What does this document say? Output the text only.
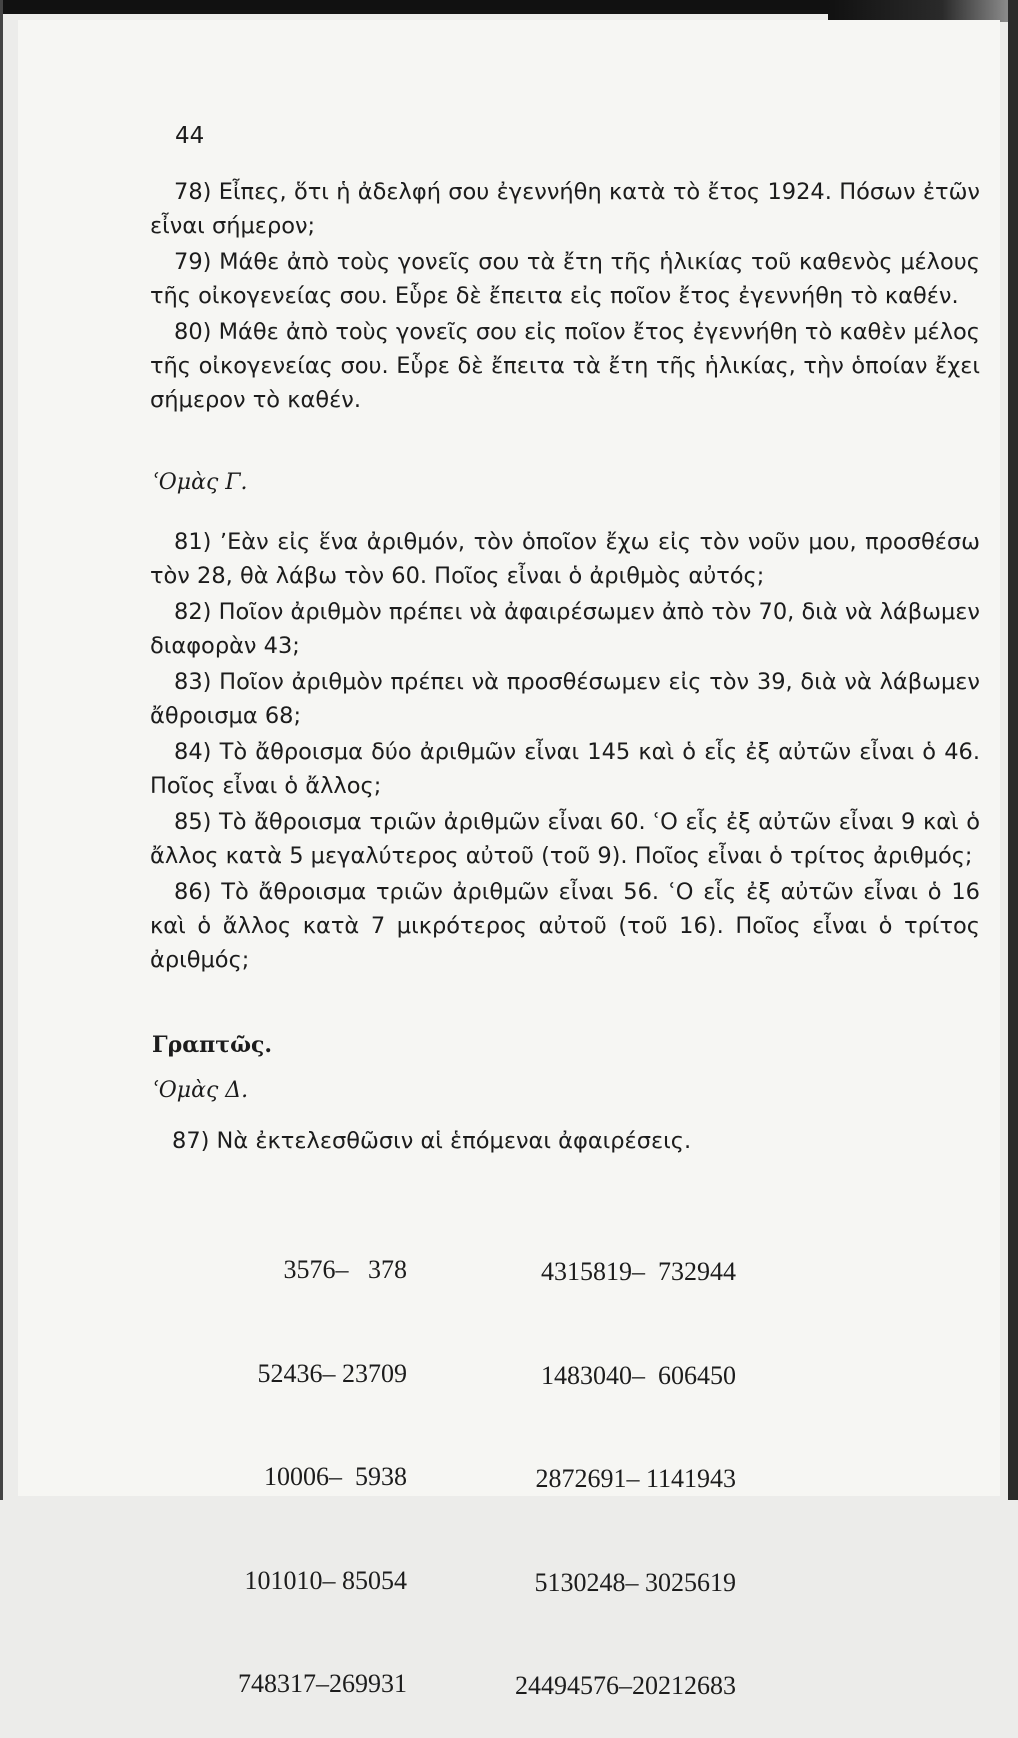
44

78) Εἶπες, ὅτι ἡ ἀδελφή σου ἐγεννήθη κατὰ τὸ ἔτος 1924. Πόσων ἐτῶν εἶναι σήμερον;

79) Μάθε ἀπὸ τοὺς γονεῖς σου τὰ ἔτη τῆς ἡλικίας τοῦ καθενὸς μέλους τῆς οἰκογενείας σου. Εὗρε δὲ ἔπειτα εἰς ποῖον ἔτος ἐγεννήθη τὸ καθέν.

80) Μάθε ἀπὸ τοὺς γονεῖς σου εἰς ποῖον ἔτος ἐγεννήθη τὸ καθὲν μέλος τῆς οἰκογενείας σου. Εὗρε δὲ ἔπειτα τὰ ἔτη τῆς ἡλικίας, τὴν ὁποίαν ἔχει σήμερον τὸ καθέν.

ʿΟμὰς Γ.

81) ʼΕὰν εἰς ἕνα ἀριθμόν, τὸν ὁποῖον ἔχω εἰς τὸν νοῦν μου, προσθέσω τὸν 28, θὰ λάβω τὸν 60. Ποῖος εἶναι ὁ ἀριθμὸς αὐτός;

82) Ποῖον ἀριθμὸν πρέπει νὰ ἀφαιρέσωμεν ἀπὸ τὸν 70, διὰ νὰ λάβωμεν διαφορὰν 43;

83) Ποῖον ἀριθμὸν πρέπει νὰ προσθέσωμεν εἰς τὸν 39, διὰ νὰ λάβωμεν ἄθροισμα 68;

84) Τὸ ἄθροισμα δύο ἀριθμῶν εἶναι 145 καὶ ὁ εἷς ἐξ αὐτῶν εἶναι ὁ 46. Ποῖος εἶναι ὁ ἄλλος;

85) Τὸ ἄθροισμα τριῶν ἀριθμῶν εἶναι 60. ʿΟ εἷς ἐξ αὐτῶν εἶναι 9 καὶ ὁ ἄλλος κατὰ 5 μεγαλύτερος αὐτοῦ (τοῦ 9). Ποῖος εἶναι ὁ τρίτος ἀριθμός;

86) Τὸ ἄθροισμα τριῶν ἀριθμῶν εἶναι 56. ʿΟ εἷς ἐξ αὐτῶν εἶναι ὁ 16 καὶ ὁ ἄλλος κατὰ 7 μικρότερος αὐτοῦ (τοῦ 16). Ποῖος εἶναι ὁ τρίτος ἀριθμός;

Γραπτῶς.
ʿΟμὰς Δ.
87) Νὰ ἐκτελεσθῶσιν αἱ ἑπόμεναι ἀφαιρέσεις.

3576–   378

52436– 23709

10006–  5938

101010– 85054

748317–269931

4315819–  732944

1483040–  606450

2872691– 1141943

5130248– 3025619

24494576–20212683
